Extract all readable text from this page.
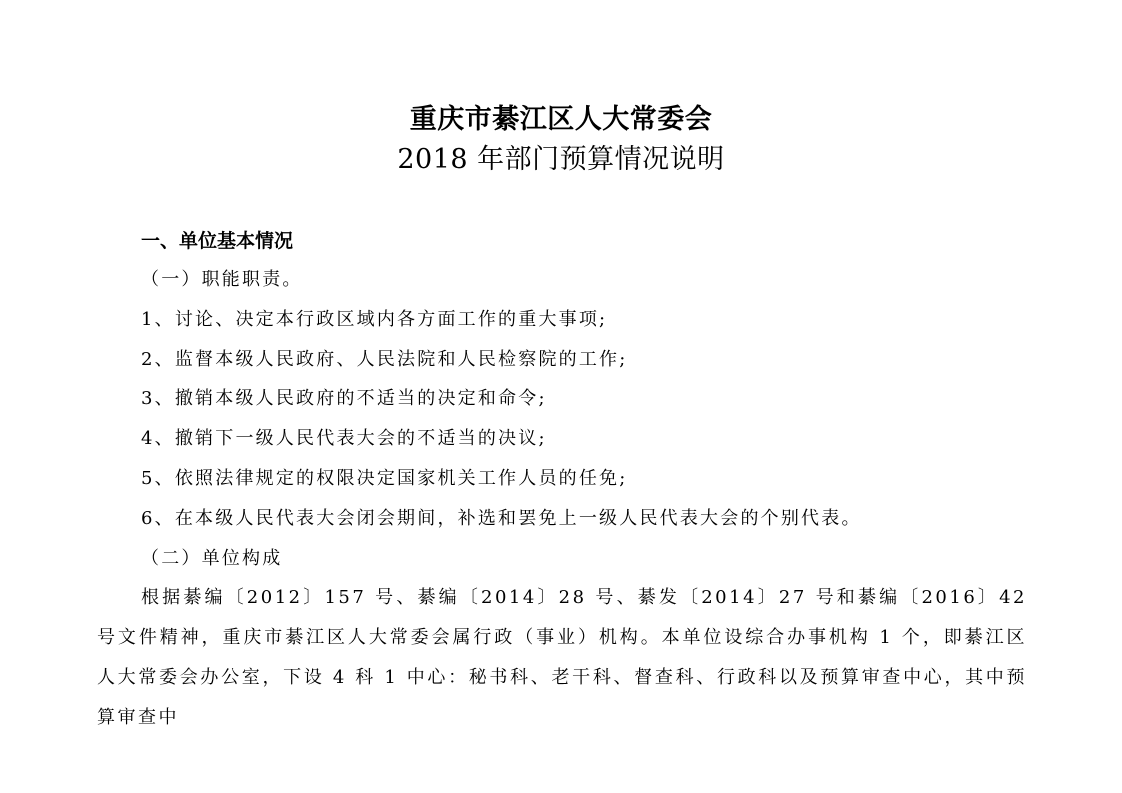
重庆市綦江区人大常委会
2018 年部门预算情况说明
一、单位基本情况
（一）职能职责。
1、讨论、决定本行政区域内各方面工作的重大事项;
2、监督本级人民政府、人民法院和人民检察院的工作;
3、撤销本级人民政府的不适当的决定和命令;
4、撤销下一级人民代表大会的不适当的决议;
5、依照法律规定的权限决定国家机关工作人员的任免;
6、在本级人民代表大会闭会期间，补选和罢免上一级人民代表大会的个别代表。
（二）单位构成
根据綦编〔2012〕157 号、綦编〔2014〕28 号、綦发〔2014〕27 号和綦编〔2016〕42 号文件精神，重庆市綦江区人大常委会属行政（事业）机构。本单位设综合办事机构 1 个，即綦江区人大常委会办公室，下设 4 科 1 中心：秘书科、老干科、督查科、行政科以及预算审查中心，其中预算审查中
